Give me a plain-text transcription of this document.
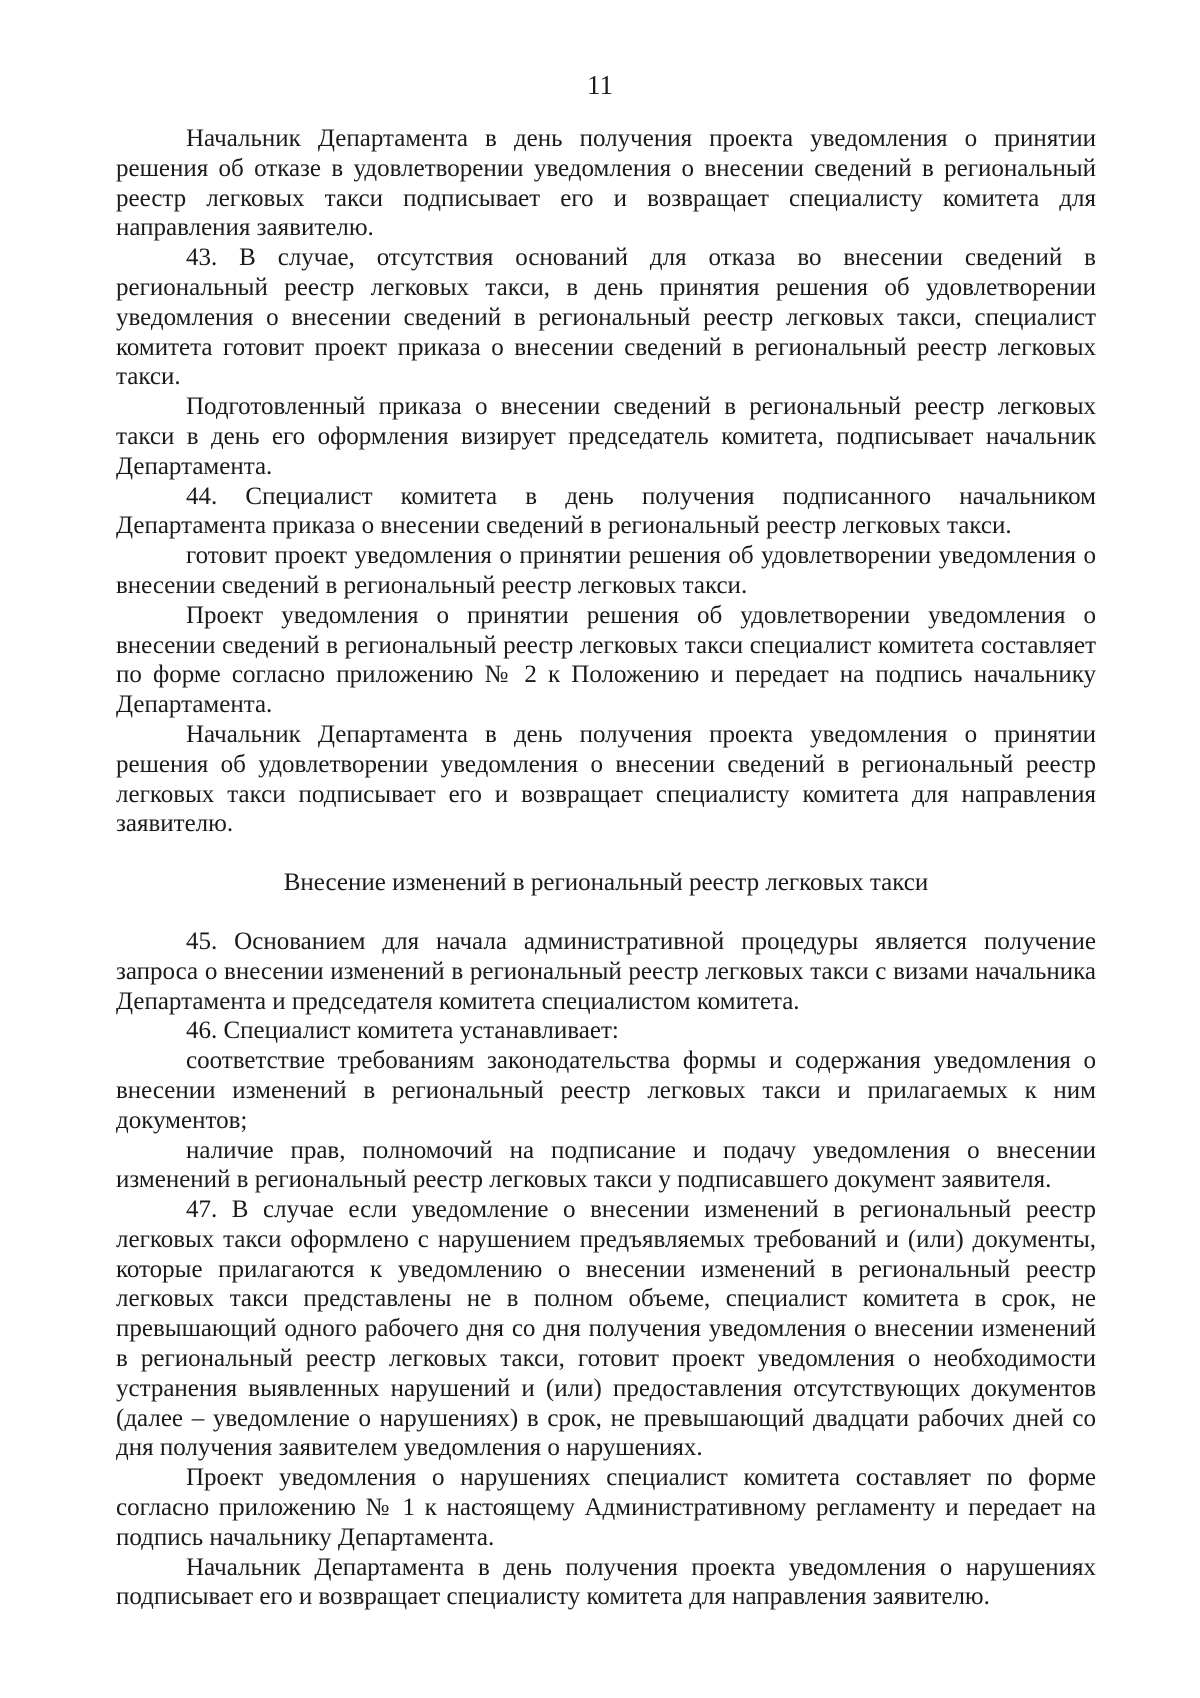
11

Начальник Департамента в день получения проекта уведомления о принятии решения об отказе в удовлетворении уведомления о внесении сведений в региональный реестр легковых такси подписывает его и возвращает специалисту комитета для направления заявителю.

43. В случае, отсутствия оснований для отказа во внесении сведений в региональный реестр легковых такси, в день принятия решения об удовлетворении уведомления о внесении сведений в региональный реестр легковых такси, специалист комитета готовит проект приказа о внесении сведений в региональный реестр легковых такси.

Подготовленный приказа о внесении сведений в региональный реестр легковых такси в день его оформления визирует председатель комитета, подписывает начальник Департамента.

44. Специалист комитета в день получения подписанного начальником Департамента приказа о внесении сведений в региональный реестр легковых такси.

готовит проект уведомления о принятии решения об удовлетворении уведомления о внесении сведений в региональный реестр легковых такси.

Проект уведомления о принятии решения об удовлетворении уведомления о внесении сведений в региональный реестр легковых такси специалист комитета составляет по форме согласно приложению № 2 к Положению и передает на подпись начальнику Департамента.

Начальник Департамента в день получения проекта уведомления о принятии решения об удовлетворении уведомления о внесении сведений в региональный реестр легковых такси подписывает его и возвращает специалисту комитета для направления заявителю.

Внесение изменений в региональный реестр легковых такси

45. Основанием для начала административной процедуры является получение запроса о внесении изменений в региональный реестр легковых такси с визами начальника Департамента и председателя комитета специалистом комитета.

46. Специалист комитета устанавливает:

соответствие требованиям законодательства формы и содержания уведомления о внесении изменений в региональный реестр легковых такси и прилагаемых к ним документов;

наличие прав, полномочий на подписание и подачу уведомления о внесении изменений в региональный реестр легковых такси у подписавшего документ заявителя.

47. В случае если уведомление о внесении изменений в региональный реестр легковых такси оформлено с нарушением предъявляемых требований и (или) документы, которые прилагаются к уведомлению о внесении изменений в региональный реестр легковых такси представлены не в полном объеме, специалист комитета в срок, не превышающий одного рабочего дня со дня получения уведомления о внесении изменений в региональный реестр легковых такси, готовит проект уведомления о необходимости устранения выявленных нарушений и (или) предоставления отсутствующих документов (далее – уведомление о нарушениях) в срок, не превышающий двадцати рабочих дней со дня получения заявителем уведомления о нарушениях.

Проект уведомления о нарушениях специалист комитета составляет по форме согласно приложению № 1 к настоящему Административному регламенту и передает на подпись начальнику Департамента.

Начальник Департамента в день получения проекта уведомления о нарушениях подписывает его и возвращает специалисту комитета для направления заявителю.
